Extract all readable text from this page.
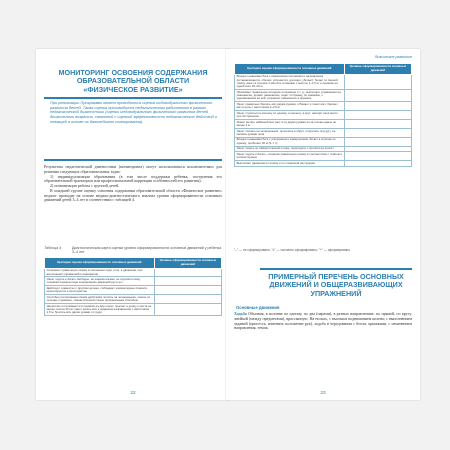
МОНИТОРИНГ ОСВОЕНИЯ СОДЕРЖАНИЯ ОБРАЗОВАТЕЛЬНОЙ ОБЛАСТИ «ФИЗИЧЕСКОЕ РАЗВИТИЕ»
При реализации Программы может проводиться оценка индивидуального физического развития детей. Такая оценка производится педагогическим работником в рамках педагогической диагностики (оценки индивидуального физического развития детей дошкольного возраста, связанной с оценкой эффективности педагогических действий и лежащей в основе их дальнейшего планирования).
Результаты педагогической диагностики (мониторинга) могут использоваться исключительно для решения следующих образовательных задач:
1) индивидуализации образования (в том числе поддержки ребенка, построения его образовательной траектории или профессиональной коррекции особенностей его развития);
2) оптимизации работы с группой детей.
В младшей группе оценку освоения содержания образовательной области «Физическое развитие» педагог проводит на основе медико-диагностического анализа уровня сформированности основных движений детей 3–4 лет в соответствии с таблицей 4.
Таблица 4	Диагностическая карта оценки уровня сформированности основных движений у ребенка 3–4 лет
Критерии оценки сформированности основных движений	Уровень сформированности основных движений
Сохраняет правильную осанку в положении сидя, стоя, в движении, при выполнении упражнений в равновесии	
Умеет ходить и бегать свободно, не шаркая ногами, не опуская голову, сохраняя перекрестную координацию движений рук и ног	
Действует совместно с другими детьми, соблюдает элементарные правила, ориентируется в пространстве	
Способен согласованно своим действиям ползать на четвереньках, лазать по лесенке-стремянке, гимнастической стенке произвольным способом	
Энергично отталкивается в прыжках на двух ногах, прыгает в длину с места не менее чем на 40 см; умеет катать мяч в заданном направлении с расстояния 1,5 м, бросать мяч двумя руками от груди	
22
Физическое развитие
Критерии оценки сформированности основных движений	Уровень сформированности основных движений
Владеет навыками бега с изменением положения и направления (останавливается, обегает, уклоняется, догоняет, убегает); бегает со сменой темпа; умеет в течение 1 мин без остановки с высоты 1–1,5 м; в прыжках на одной ноге 18–20 м	
Принимает правильное исходное положение и т. д.; выполняет упражнения на равновесие, держит равновесие, ходит по бревну, по скамейке, с удерживанием на ней, сохраняет равновесие в прыжках	
Умеет правильно бросать мяч двумя руками, отбивает и ловит мяч, бросает мяч в цель с расстояния 2–2,5 м	
Умеет строиться в колонну по одному, в шеренгу, в круг; находит своё место при построениях	
Может метать набивной мяч (вес 1 кг) двумя руками из-за головы вдаль не менее 2 м	
Умеет ползать на четвереньках, пролезать в обруч, подлезать под дугу, не касаясь руками пола	
Владеет навыками бега с ускорением и замедлением, бегает в колонне по одному; пробегает 30 м (5–7 с)	
Умеет лазать по гимнастической стенке, переходить с пролёта на пролёт	
Умеет ходить и бегать, сохраняя правильную осанку в соответствии с темпом и ритмом музыки	
Выполняет движения по показу и по словесной инструкции	
"–" — не сформировано; "±" — частично сформировано; "+" — сформировано
ПРИМЕРНЫЙ ПЕРЕЧЕНЬ ОСНОВНЫХ ДВИЖЕНИЙ И ОБЩЕРАЗВИВАЮЩИХ УПРАЖНЕНИЙ
Основные движения
Ходьба Обычная, в колонне по одному, по два (парами), в разных направлениях: по прямой, по кругу, змейкой (между предметами), врассыпную. На носках, с высоким подниманием колена; с выполнением заданий (присесть, изменить положение рук), ходьба в чередовании с бегом, прыжками, с изменением направления, темпа.
23
